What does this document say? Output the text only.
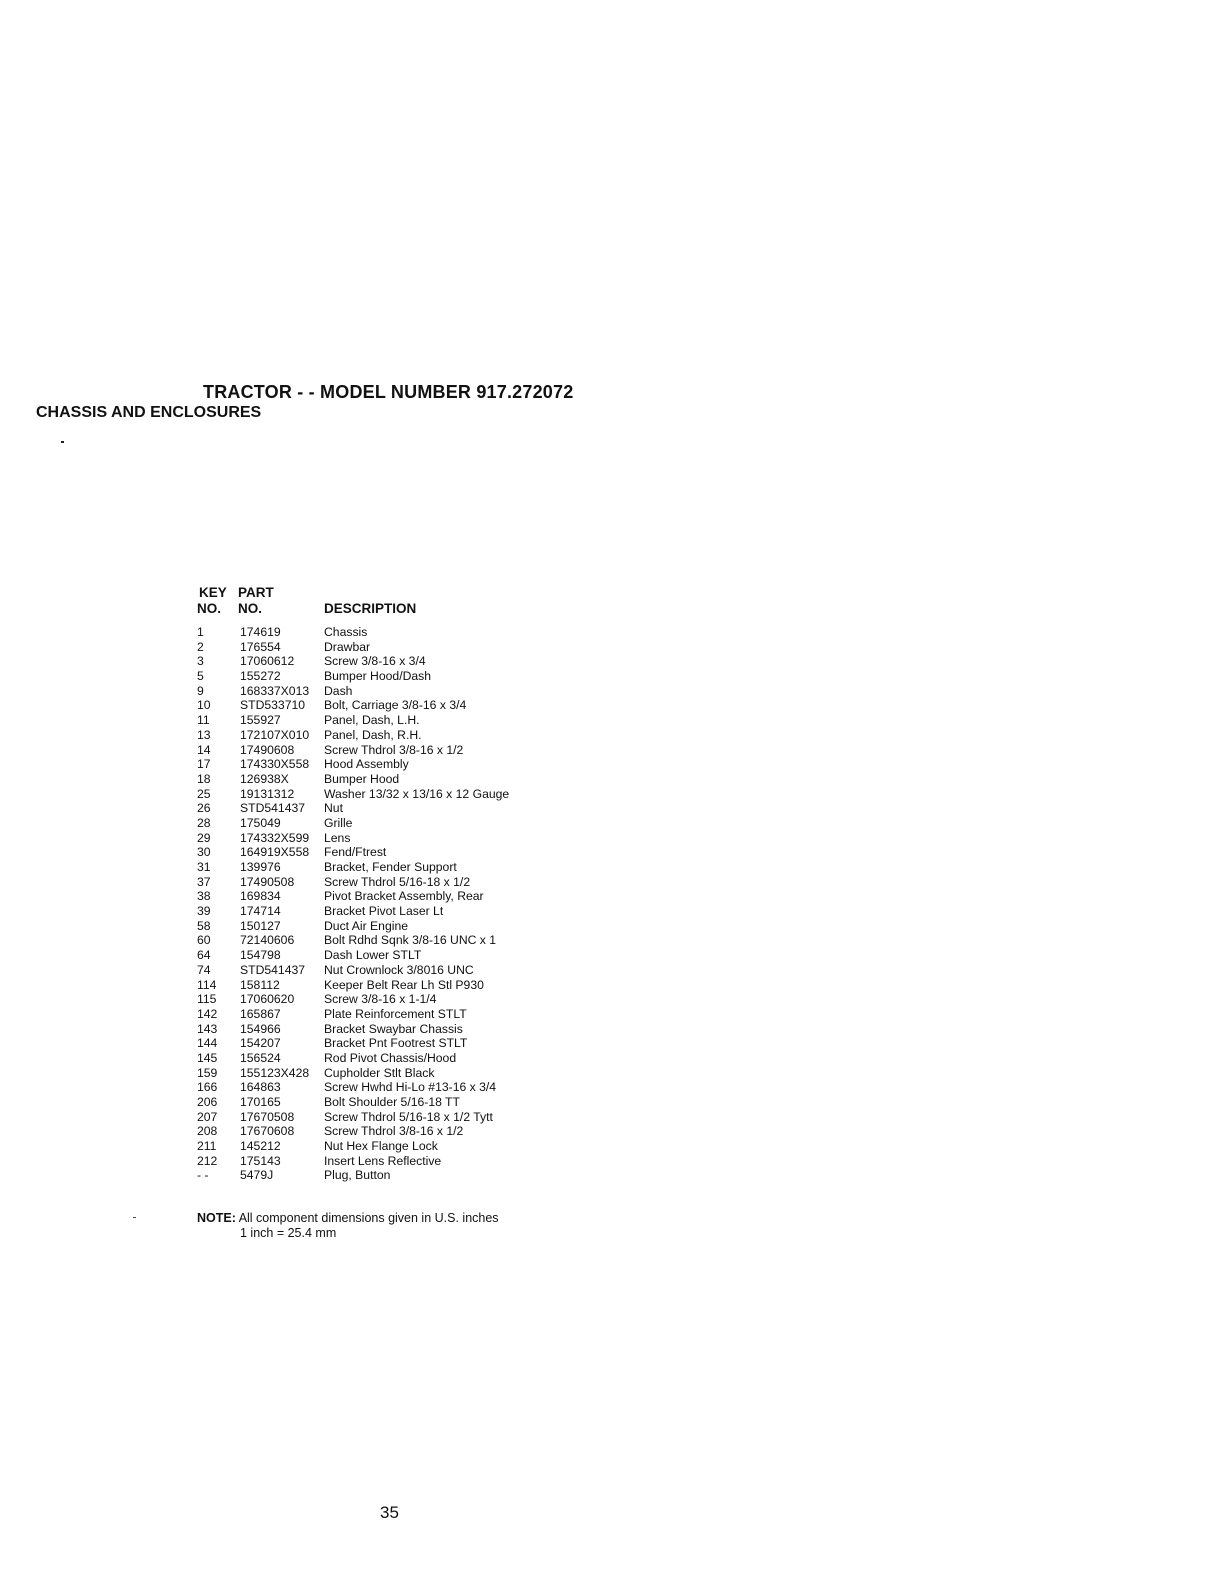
TRACTOR - - MODEL NUMBER 917.272072
CHASSIS AND ENCLOSURES
KEY
NO.
PART
NO.	DESCRIPTION
1	174619	Chassis
2	176554	Drawbar
3	17060612 Screw 3/8-16 x 3/4
5	155272	Bumper Hood/Dash
9	168337X013 Dash
10 STD533710 Bolt, Carriage 3/8-16 x 3/4
11 155927	Panel, Dash, L.H.
13 172107X010 Panel, Dash, R.H.
14 17490608 Screw Thdrol 3/8-16 x 1/2
17 174330X558 Hood Assembly
18 126938X	Bumper Hood
25 19131312 Washer 13/32 x 13/16 x 12 Gauge
26 STD541437 Nut
28 175049	Grille
29 174332X599 Lens
30 164919X558 Fend/Ftrest
31 139976	Bracket, Fender Support
37 17490508 Screw Thdrol 5/16-18 x 1/2
38 169834	Pivot Bracket Assembly, Rear
39 174714	Bracket Pivot Laser Lt
58 150127	Duct Air Engine
60 72140606 Bolt Rdhd Sqnk 3/8-16 UNC x 1
64 154798	Dash Lower STLT
74 STD541437 Nut Crownlock 3/8016 UNC
114 158112	Keeper Belt Rear Lh Stl P930
115 17060620 Screw 3/8-16 x 1-1/4
142 165867	Plate Reinforcement STLT
143 154966	Bracket Swaybar Chassis
144 154207	Bracket Pnt Footrest STLT
145 156524	Rod Pivot Chassis/Hood
159 155123X428 Cupholder Stlt Black
166 164863	Screw Hwhd Hi-Lo #13-16 x 3/4
206 170165	Bolt Shoulder 5/16-18 TT
207 17670508 Screw Thdrol 5/16-18 x 1/2 Tytt
208 17670608 Screw Thdrol 3/8-16 x 1/2
211 145212	Nut Hex Flange Lock
212 175143	Insert Lens Reflective
- -	5479J	Plug, Button
NOTE: All component dimensions given in U.S. inches
1 inch = 25.4 mm
35
